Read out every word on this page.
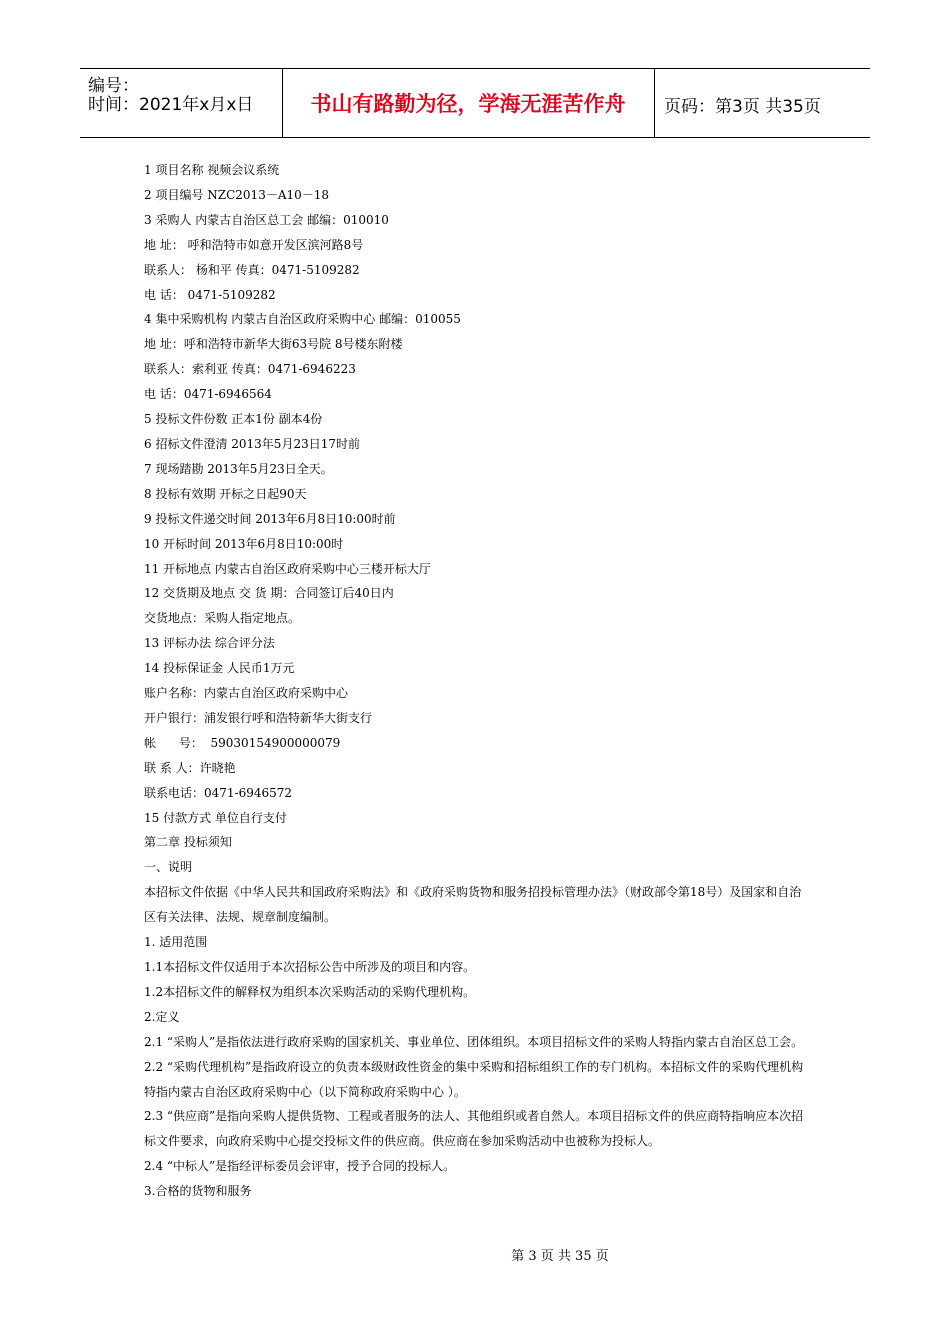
编号：
时间：2021年x月x日	书山有路勤为径，学海无涯苦作舟	页码：第3页 共35页

1 项目名称 视频会议系统

2 项目编号 NZC2013－A10－18

3 采购人 内蒙古自治区总工会 邮编：010010

地 址： 呼和浩特市如意开发区滨河路8号

联系人： 杨和平 传真：0471-5109282

电 话： 0471-5109282

4 集中采购机构 内蒙古自治区政府采购中心 邮编：010055

地 址：呼和浩特市新华大街63号院 8号楼东附楼

联系人：索利亚 传真：0471-6946223

电 话：0471-6946564

5 投标文件份数 正本1份 副本4份

6 招标文件澄清 2013年5月23日17时前

7 现场踏勘 2013年5月23日全天。

8 投标有效期 开标之日起90天

9 投标文件递交时间 2013年6月8日10:00时前

10 开标时间 2013年6月8日10:00时

11 开标地点 内蒙古自治区政府采购中心三楼开标大厅

12 交货期及地点 交 货 期：合同签订后40日内

交货地点：采购人指定地点。

13 评标办法 综合评分法

14 投标保证金 人民币1万元

账户名称：内蒙古自治区政府采购中心

开户银行：浦发银行呼和浩特新华大街支行

帐      号：  59030154900000079

联 系 人：许晓艳

联系电话：0471-6946572

15 付款方式 单位自行支付

第二章 投标须知

一、说明

本招标文件依据《中华人民共和国政府采购法》和《政府采购货物和服务招投标管理办法》（财政部令第18号）及国家和自治区有关法律、法规、规章制度编制。

1. 适用范围

1.1本招标文件仅适用于本次招标公告中所涉及的项目和内容。

1.2本招标文件的解释权为组织本次采购活动的采购代理机构。

2.定义

2.1 “采购人”是指依法进行政府采购的国家机关、事业单位、团体组织。本项目招标文件的采购人特指内蒙古自治区总工会。

2.2 “采购代理机构”是指政府设立的负责本级财政性资金的集中采购和招标组织工作的专门机构。本招标文件的采购代理机构特指内蒙古自治区政府采购中心（以下简称政府采购中心 ）。

2.3 “供应商”是指向采购人提供货物、工程或者服务的法人、其他组织或者自然人。本项目招标文件的供应商特指响应本次招标文件要求，向政府采购中心提交投标文件的供应商。供应商在参加采购活动中也被称为投标人。

2.4 “中标人”是指经评标委员会评审，授予合同的投标人。

3.合格的货物和服务

第 3 页 共 35 页
